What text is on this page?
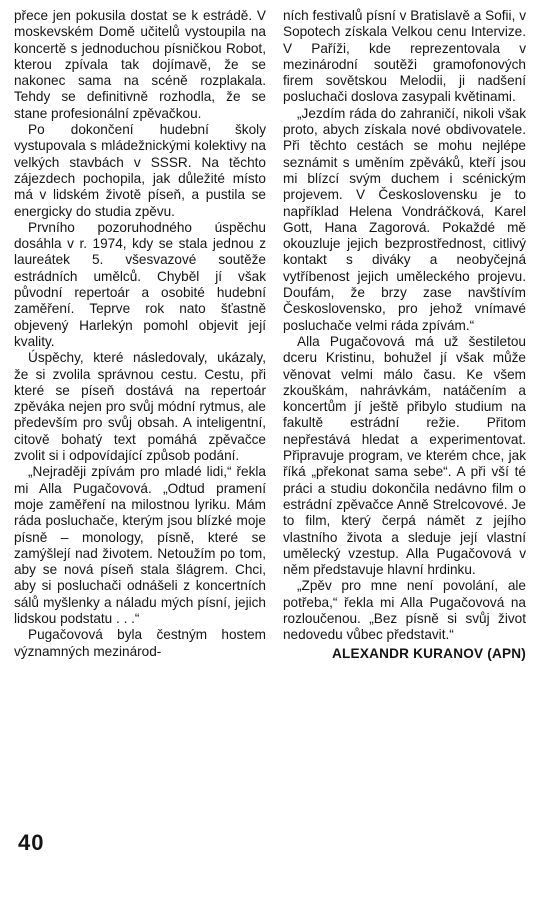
přece jen pokusila dostat se k estrádě. V moskevském Domě učitelů vystoupila na koncertě s jednoduchou písničkou Robot, kterou zpívala tak dojímavě, že se nakonec sama na scéně rozplakala. Tehdy se definitivně rozhodla, že se stane profesionální zpěvačkou.

Po dokončení hudební školy vystupovala s mládežnickými kolektivy na velkých stavbách v SSSR. Na těchto zájezdech pochopila, jak důležité místo má v lidském životě píseň, a pustila se energicky do studia zpěvu.

Prvního pozoruhodného úspěchu dosáhla v r. 1974, kdy se stala jednou z laureátek 5. všesvazové soutěže estrádních umělců. Chyběl jí však původní repertoár a osobité hudební zaměření. Teprve rok nato šťastně objevený Harlekýn pomohl objevit její kvality.

Úspěchy, které následovaly, ukázaly, že si zvolila správnou cestu. Cestu, při které se píseň dostává na repertoár zpěváka nejen pro svůj módní rytmus, ale především pro svůj obsah. A inteligentní, citově bohatý text pomáhá zpěvačce zvolit si i odpovídající způsob podání.

„Nejraději zpívám pro mladé lidi,“ řekla mi Alla Pugačovová. „Odtud pramení moje zaměření na milostnou lyriku. Mám ráda posluchače, kterým jsou blízké moje písně – monology, písně, které se zamýšlejí nad životem. Netoužím po tom, aby se nová píseň stala šlágrem. Chci, aby si posluchači odnášeli z koncertních sálů myšlenky a náladu mých písní, jejich lidskou podstatu . . .“

Pugačovová byla čestným hostem významných mezinárod-

ních festivalů písní v Bratislavě a Sofii, v Sopotech získala Velkou cenu Intervize. V Paříži, kde reprezentovala v mezinárodní soutěži gramofonových firem sovětskou Melodii, ji nadšení posluchači doslova zasypali květinami.

„Jezdím ráda do zahraničí, nikoli však proto, abych získala nové obdivovatele. Při těchto cestách se mohu nejlépe seznámit s uměním zpěváků, kteří jsou mi blízcí svým duchem i scénickým projevem. V Československu je to například Helena Vondráčková, Karel Gott, Hana Zagorová. Pokaždé mě okouzluje jejich bezprostřednost, citlivý kontakt s diváky a neobyčejná vytříbenost jejich uměleckého projevu. Doufám, že brzy zase navštívím Československo, pro jehož vnímavé posluchače velmi ráda zpívám.“

Alla Pugačovová má už šestiletou dceru Kristinu, bohužel jí však může věnovat velmi málo času. Ke všem zkouškám, nahrávkám, natáčením a koncertům jí ještě přibylo studium na fakultě estrádní režie. Přitom nepřestává hledat a experimentovat. Připravuje program, ve kterém chce, jak říká „překonat sama sebe“. A při vší té práci a studiu dokončila nedávno film o estrádní zpěvačce Anně Strelcovové. Je to film, který čerpá námět z jejího vlastního života a sleduje její vlastní umělecký vzestup. Alla Pugačovová v něm představuje hlavní hrdinku.

„Zpěv pro mne není povolání, ale potřeba,“ řekla mi Alla Pugačovová na rozloučenou. „Bez písně si svůj život nedovedu vůbec představit.“

ALEXANDR KURANOV (APN)
40
